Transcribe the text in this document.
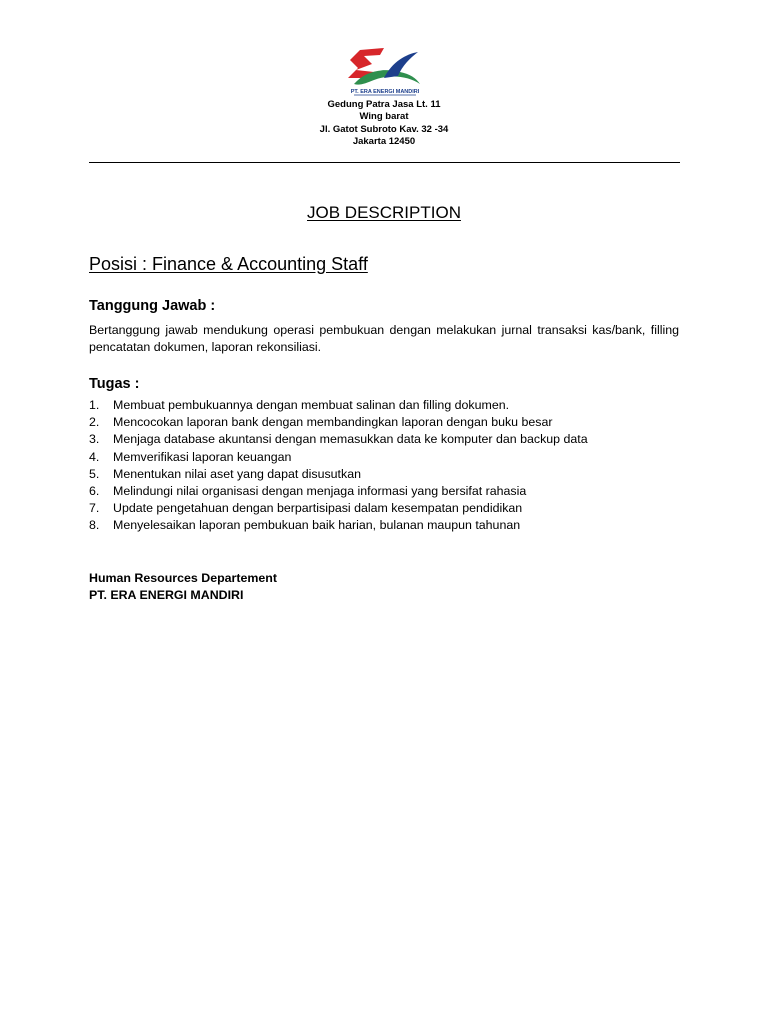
PT. ERA ENERGI MANDIRI
Gedung Patra Jasa Lt. 11
Wing barat
Jl. Gatot Subroto Kav. 32 -34
Jakarta 12450
JOB DESCRIPTION
Posisi : Finance & Accounting Staff
Tanggung Jawab :
Bertanggung jawab mendukung operasi pembukuan dengan melakukan jurnal transaksi kas/bank, filling pencatatan dokumen, laporan rekonsiliasi.
Tugas :
1.	Membuat pembukuannya dengan membuat salinan dan filling dokumen.
2.	Mencocokan laporan bank dengan membandingkan laporan dengan buku besar
3.	Menjaga database akuntansi dengan memasukkan data ke komputer dan backup data
4.	Memverifikasi laporan keuangan
5.	Menentukan nilai aset yang dapat disusutkan
6.	Melindungi nilai organisasi dengan menjaga informasi yang bersifat rahasia
7.	Update pengetahuan dengan berpartisipasi dalam kesempatan pendidikan
8.	Menyelesaikan laporan pembukuan baik harian, bulanan maupun tahunan
Human Resources Departement
PT. ERA ENERGI MANDIRI
